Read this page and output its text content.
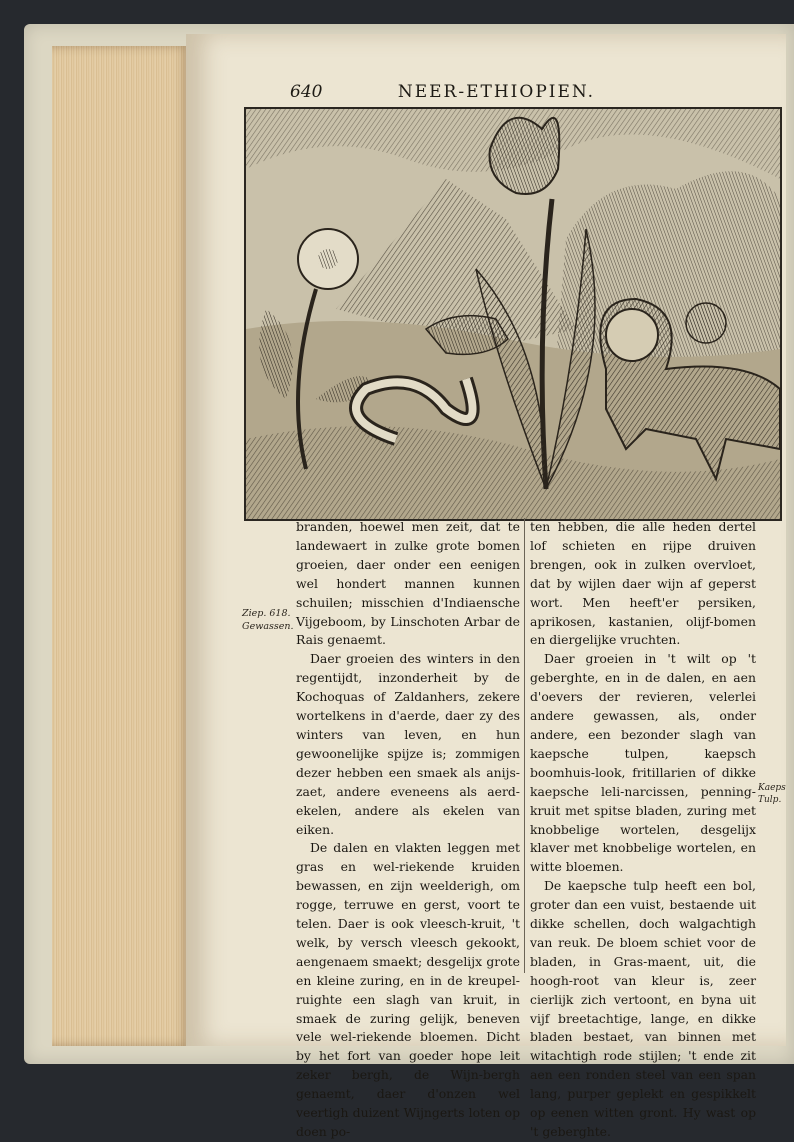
640	NEER-ETHIOPIEN.
Ziep. 618.
Gewassen.
Kaeps
Tulp.

branden, hoewel men zeit, dat te landewaert in zulke grote bomen groeien, daer onder een eenigen wel hondert mannen kunnen schuilen; misschien d'Indiaensche Vijgeboom, by Linschoten Arbar de Rais genaemt.

Daer groeien des winters in den regentijdt, inzonderheit by de Kochoquas of Zaldanhers, zekere wortelkens in d'aerde, daer zy des winters van leven, en hun gewoonelijke spijze is; zommigen dezer hebben een smaek als anijs-zaet, andere eveneens als aerd-ekelen, andere als ekelen van eiken.

De dalen en vlakten leggen met gras en wel-riekende kruiden bewassen, en zijn weelderigh, om rogge, terruwe en gerst, voort te telen. Daer is ook vleesch-kruit, 't welk, by versch vleesch gekookt, aengenaem smaekt; desgelijx grote en kleine zuring, en in de kreupel-ruighte een slagh van kruit, in smaek de zuring gelijk, beneven vele wel-riekende bloemen. Dicht by het fort van goeder hope leit zeker bergh, de Wijn-bergh genaemt, daer d'onzen wel veertigh duizent Wijngerts loten op doen po-

ten hebben, die alle heden dertel lof schieten en rijpe druiven brengen, ook in zulken overvloet, dat by wijlen daer wijn af geperst wort. Men heeft'er persiken, aprikosen, kastanien, olijf-bomen en diergelijke vruchten.

Daer groeien in 't wilt op 't geberghte, en in de dalen, en aen d'oevers der revieren, velerlei andere gewassen, als, onder andere, een bezonder slagh van kaepsche tulpen, kaepsch boomhuis-look, fritillarien of dikke kaepsche leli-narcissen, penning-kruit met spitse bladen, zuring met knobbelige wortelen, desgelijx klaver met knobbelige wortelen, en witte bloemen.

De kaepsche tulp heeft een bol, groter dan een vuist, bestaende uit dikke schellen, doch walgachtigh van reuk. De bloem schiet voor de bladen, in Gras-maent, uit, die hoogh-root van kleur is, zeer cierlijk zich vertoont, en byna uit vijf breetachtige, lange, en dikke bladen bestaet, van binnen met witachtigh rode stijlen; 't ende zit aen een ronden steel van een span lang, purper geplekt en gespikkelt op eenen witten gront. Hy wast op 't geberghte.
